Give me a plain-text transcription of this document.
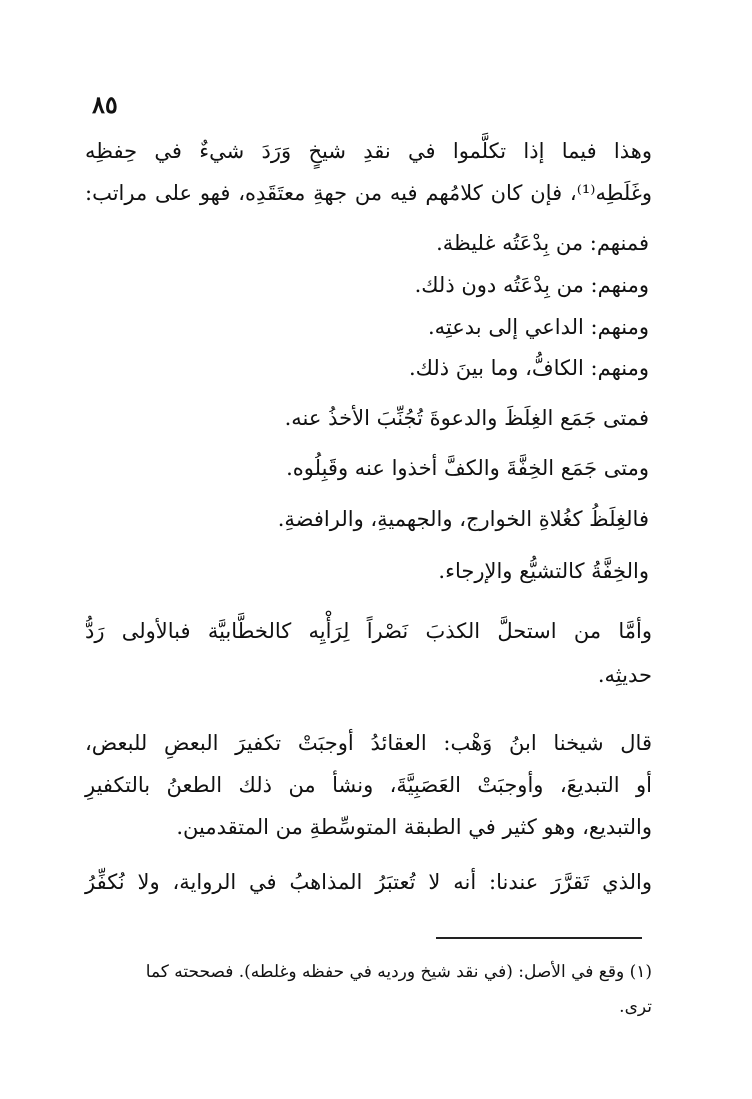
٨٥
وهذا فيما إذا تكلَّموا في نقدِ شيخٍ وَرَدَ شيءٌ في حِفظِه
وغَلَطِه⁽¹⁾، فإن كان كلامُهم فيه من جهةِ معتَقَدِه، فهو على مراتب:
فمنهم: من بِدْعَتُه غليظة.
ومنهم: من بِدْعَتُه دون ذلك.
ومنهم: الداعي إلى بدعتِه.
ومنهم: الكافُّ، وما بينَ ذلك.
فمتى جَمَع الغِلَظَ والدعوةَ تُجُنِّبَ الأخذُ عنه.
ومتى جَمَع الخِفَّةَ والكفَّ أخذوا عنه وقَبِلُوه.
فالغِلَظُ كغُلاةِ الخوارج، والجهميةِ، والرافضةِ.
والخِفَّةُ كالتشيُّع والإرجاء.
وأمَّا من استحلَّ الكذبَ نَصْراً لِرَأْيِه كالخطَّابيَّة فبالأولى رَدُّ
حديثِه.
قال شيخنا ابنُ وَهْب: العقائدُ أوجبَتْ تكفيرَ البعضِ للبعض،
أو التبديعَ، وأوجبَتْ العَصَبِيَّةَ، ونشأ من ذلك الطعنُ بالتكفيرِ
والتبديع، وهو كثير في الطبقة المتوسِّطةِ من المتقدمين.
والذي تَقرَّرَ عندنا: أنه لا تُعتبَرُ المذاهبُ في الرواية، ولا نُكفِّرُ
(١) وقع في الأصل: (في نقد شيخ ورديه في حفظه وغلطه). فصححته كما
ترى.
